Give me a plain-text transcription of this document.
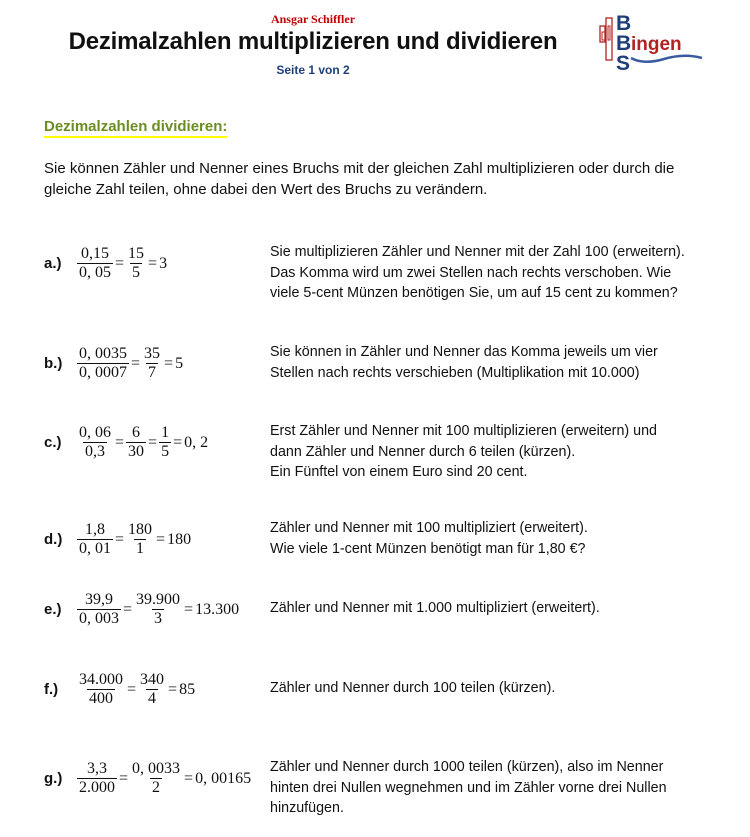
Ansgar Schiffler
Dezimalzahlen multiplizieren und dividieren
Seite 1 von 2
B
B
S
ingen
Dezimalzahlen dividieren:
Sie können Zähler und Nenner eines Bruchs mit der gleichen Zahl multiplizieren oder durch die
gleiche Zahl teilen, ohne dabei den Wert des Bruchs zu verändern.
$a.) \frac{0,15}{0, 05} = \frac{15}{5} = 3$
Sie multiplizieren Zähler und Nenner mit der Zahl 100 (erweitern).
Das Komma wird um zwei Stellen nach rechts verschoben. Wie
viele 5-cent Münzen benötigen Sie, um auf 15 cent zu kommen?
$b.) \frac{0, 0035}{0, 0007} = \frac{35}{7} = 5$
Sie können in Zähler und Nenner das Komma jeweils um vier
Stellen nach rechts verschieben (Multiplikation mit 10.000)
$c.) \frac{0, 06}{0,3} = \frac{6}{30} = \frac{1}{5} = 0$, 2
Erst Zähler und Nenner mit 100 multiplizieren (erweitern) und
dann Zähler und Nenner durch 6 teilen (kürzen).
Ein Fünftel von einem Euro sind 20 cent.
$d.) \frac{1,8}{0, 01} = \frac{180}{1} = 180$
Zähler und Nenner mit 100 multipliziert (erweitert).
Wie viele 1-cent Münzen benötigt man für 1,80 €?
$e.) \frac{39,9}{0, 003} = \frac{39.900}{3} = 13.300$ Zähler und Nenner mit 1.000 multipliziert (erweitert).
$f.) \frac{34.000}{400} = \frac{340}{4} = 85$	Zähler und Nenner durch 100 teilen (kürzen).
$g.) \frac{3,3}{2.000} = \frac{0, 0033}{2} = 0$, 00165
Zähler und Nenner durch 1000 teilen (kürzen), also im Nenner
hinten drei Nullen wegnehmen und im Zähler vorne drei Nullen
hinzufügen.
